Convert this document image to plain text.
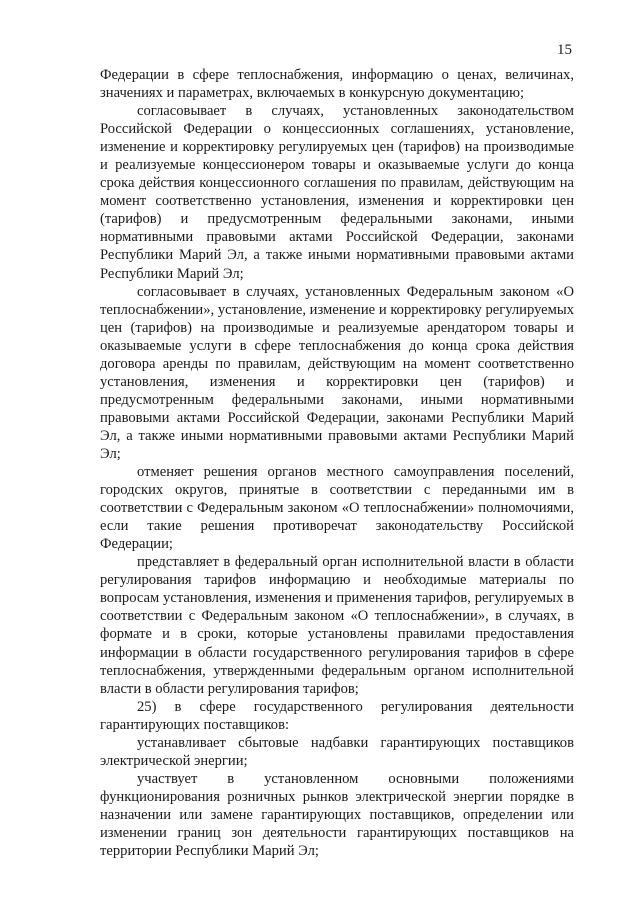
15

Федерации в сфере теплоснабжения, информацию о ценах, величинах, значениях и параметрах, включаемых в конкурсную документацию;

согласовывает в случаях, установленных законодательством Российской Федерации о концессионных соглашениях, установление, изменение и корректировку регулируемых цен (тарифов) на производимые и реализуемые концессионером товары и оказываемые услуги до конца срока действия концессионного соглашения по правилам, действующим на момент соответственно установления, изменения и корректировки цен (тарифов) и предусмотренным федеральными законами, иными нормативными правовыми актами Российской Федерации, законами Республики Марий Эл, а также иными нормативными правовыми актами Республики Марий Эл;

согласовывает в случаях, установленных Федеральным законом «О теплоснабжении», установление, изменение и корректировку регулируемых цен (тарифов) на производимые и реализуемые арендатором товары и оказываемые услуги в сфере теплоснабжения до конца срока действия договора аренды по правилам, действующим на момент соответственно установления, изменения и корректировки цен (тарифов) и предусмотренным федеральными законами, иными нормативными правовыми актами Российской Федерации, законами Республики Марий Эл, а также иными нормативными правовыми актами Республики Марий Эл;

отменяет решения органов местного самоуправления поселений, городских округов, принятые в соответствии с переданными им в соответствии с Федеральным законом «О теплоснабжении» полномочиями, если такие решения противоречат законодательству Российской Федерации;

представляет в федеральный орган исполнительной власти в области регулирования тарифов информацию и необходимые материалы по вопросам установления, изменения и применения тарифов, регулируемых в соответствии с Федеральным законом «О теплоснабжении», в случаях, в формате и в сроки, которые установлены правилами предоставления информации в области государственного регулирования тарифов в сфере теплоснабжения, утвержденными федеральным органом исполнительной власти в области регулирования тарифов;

25) в сфере государственного регулирования деятельности гарантирующих поставщиков:

устанавливает сбытовые надбавки гарантирующих поставщиков электрической энергии;

участвует в установленном основными положениями функционирования розничных рынков электрической энергии порядке в назначении или замене гарантирующих поставщиков, определении или изменении границ зон деятельности гарантирующих поставщиков на территории Республики Марий Эл;
